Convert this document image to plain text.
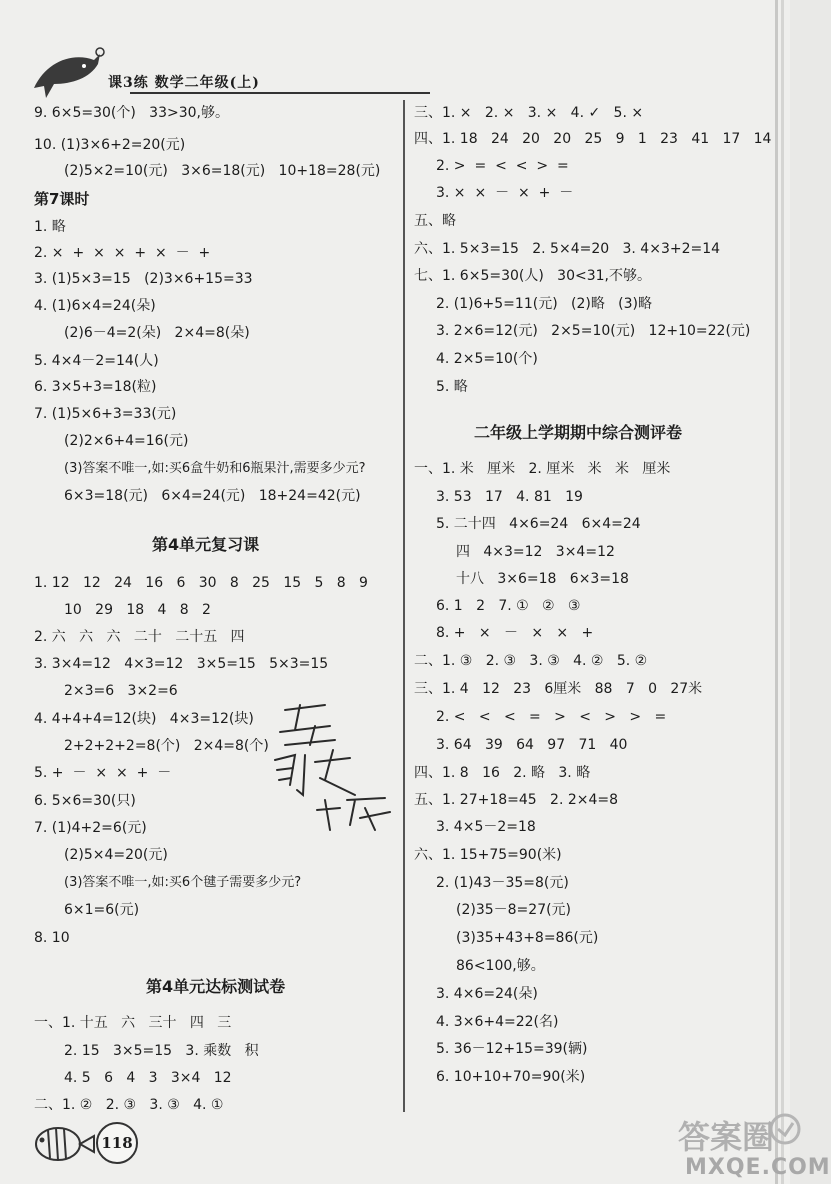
课3练 数学二年级(上)
9. 6×5=30(个)   33>30,够。
10. (1)3×6+2=20(元)
(2)5×2=10(元)   3×6=18(元)   10+18=28(元)
第7课时
1. 略
2. ×  +  ×  ×  +  ×  －  +
3. (1)5×3=15   (2)3×6+15=33
4. (1)6×4=24(朵)
(2)6－4=2(朵)   2×4=8(朵)
5. 4×4－2=14(人)
6. 3×5+3=18(粒)
7. (1)5×6+3=33(元)
(2)2×6+4=16(元)
(3)答案不唯一,如:买6盒牛奶和6瓶果汁,需要多少元?
6×3=18(元)   6×4=24(元)   18+24=42(元)
第4单元复习课
1. 12   12   24   16   6   30   8   25   15   5   8   9
10   29   18   4   8   2
2. 六   六   六   二十   二十五   四
3. 3×4=12   4×3=12   3×5=15   5×3=15
2×3=6   3×2=6
4. 4+4+4=12(块)   4×3=12(块)
2+2+2+2=8(个)   2×4=8(个)
5. +  －  ×  ×  +  －
6. 5×6=30(只)
7. (1)4+2=6(元)
(2)5×4=20(元)
(3)答案不唯一,如:买6个毽子需要多少元?
6×1=6(元)
8. 10
第4单元达标测试卷
一、1. 十五   六   三十   四   三
2. 15   3×5=15   3. 乘数   积
4. 5   6   4   3   3×4   12
二、1. ②   2. ③   3. ③   4. ①
三、1. ×   2. ×   3. ×   4. ✓   5. ×
四、1. 18   24   20   20   25   9   1   23   41   17   14
2. >  =  <  <  >  =
3. ×  ×  －  ×  +  －
五、略
六、1. 5×3=15   2. 5×4=20   3. 4×3+2=14
七、1. 6×5=30(人)   30<31,不够。
2. (1)6+5=11(元)   (2)略   (3)略
3. 2×6=12(元)   2×5=10(元)   12+10=22(元)
4. 2×5=10(个)
5. 略
二年级上学期期中综合测评卷
一、1. 米   厘米   2. 厘米   米   米   厘米
3. 53   17   4. 81   19
5. 二十四   4×6=24   6×4=24
四   4×3=12   3×4=12
十八   3×6=18   6×3=18
6. 1   2   7. ①   ②   ③
8. +   ×   －   ×   ×   +
二、1. ③   2. ③   3. ③   4. ②   5. ②
三、1. 4   12   23   6厘米   88   7   0   27米
2. <   <   <   =   >   <   >   >   =
3. 64   39   64   97   71   40
四、1. 8   16   2. 略   3. 略
五、1. 27+18=45   2. 2×4=8
3. 4×5－2=18
六、1. 15+75=90(米)
2. (1)43－35=8(元)
(2)35－8=27(元)
(3)35+43+8=86(元)
86<100,够。
3. 4×6=24(朵)
4. 3×6+4=22(名)
5. 36－12+15=39(辆)
6. 10+10+70=90(米)
118	答案圈
MXQE.COM
